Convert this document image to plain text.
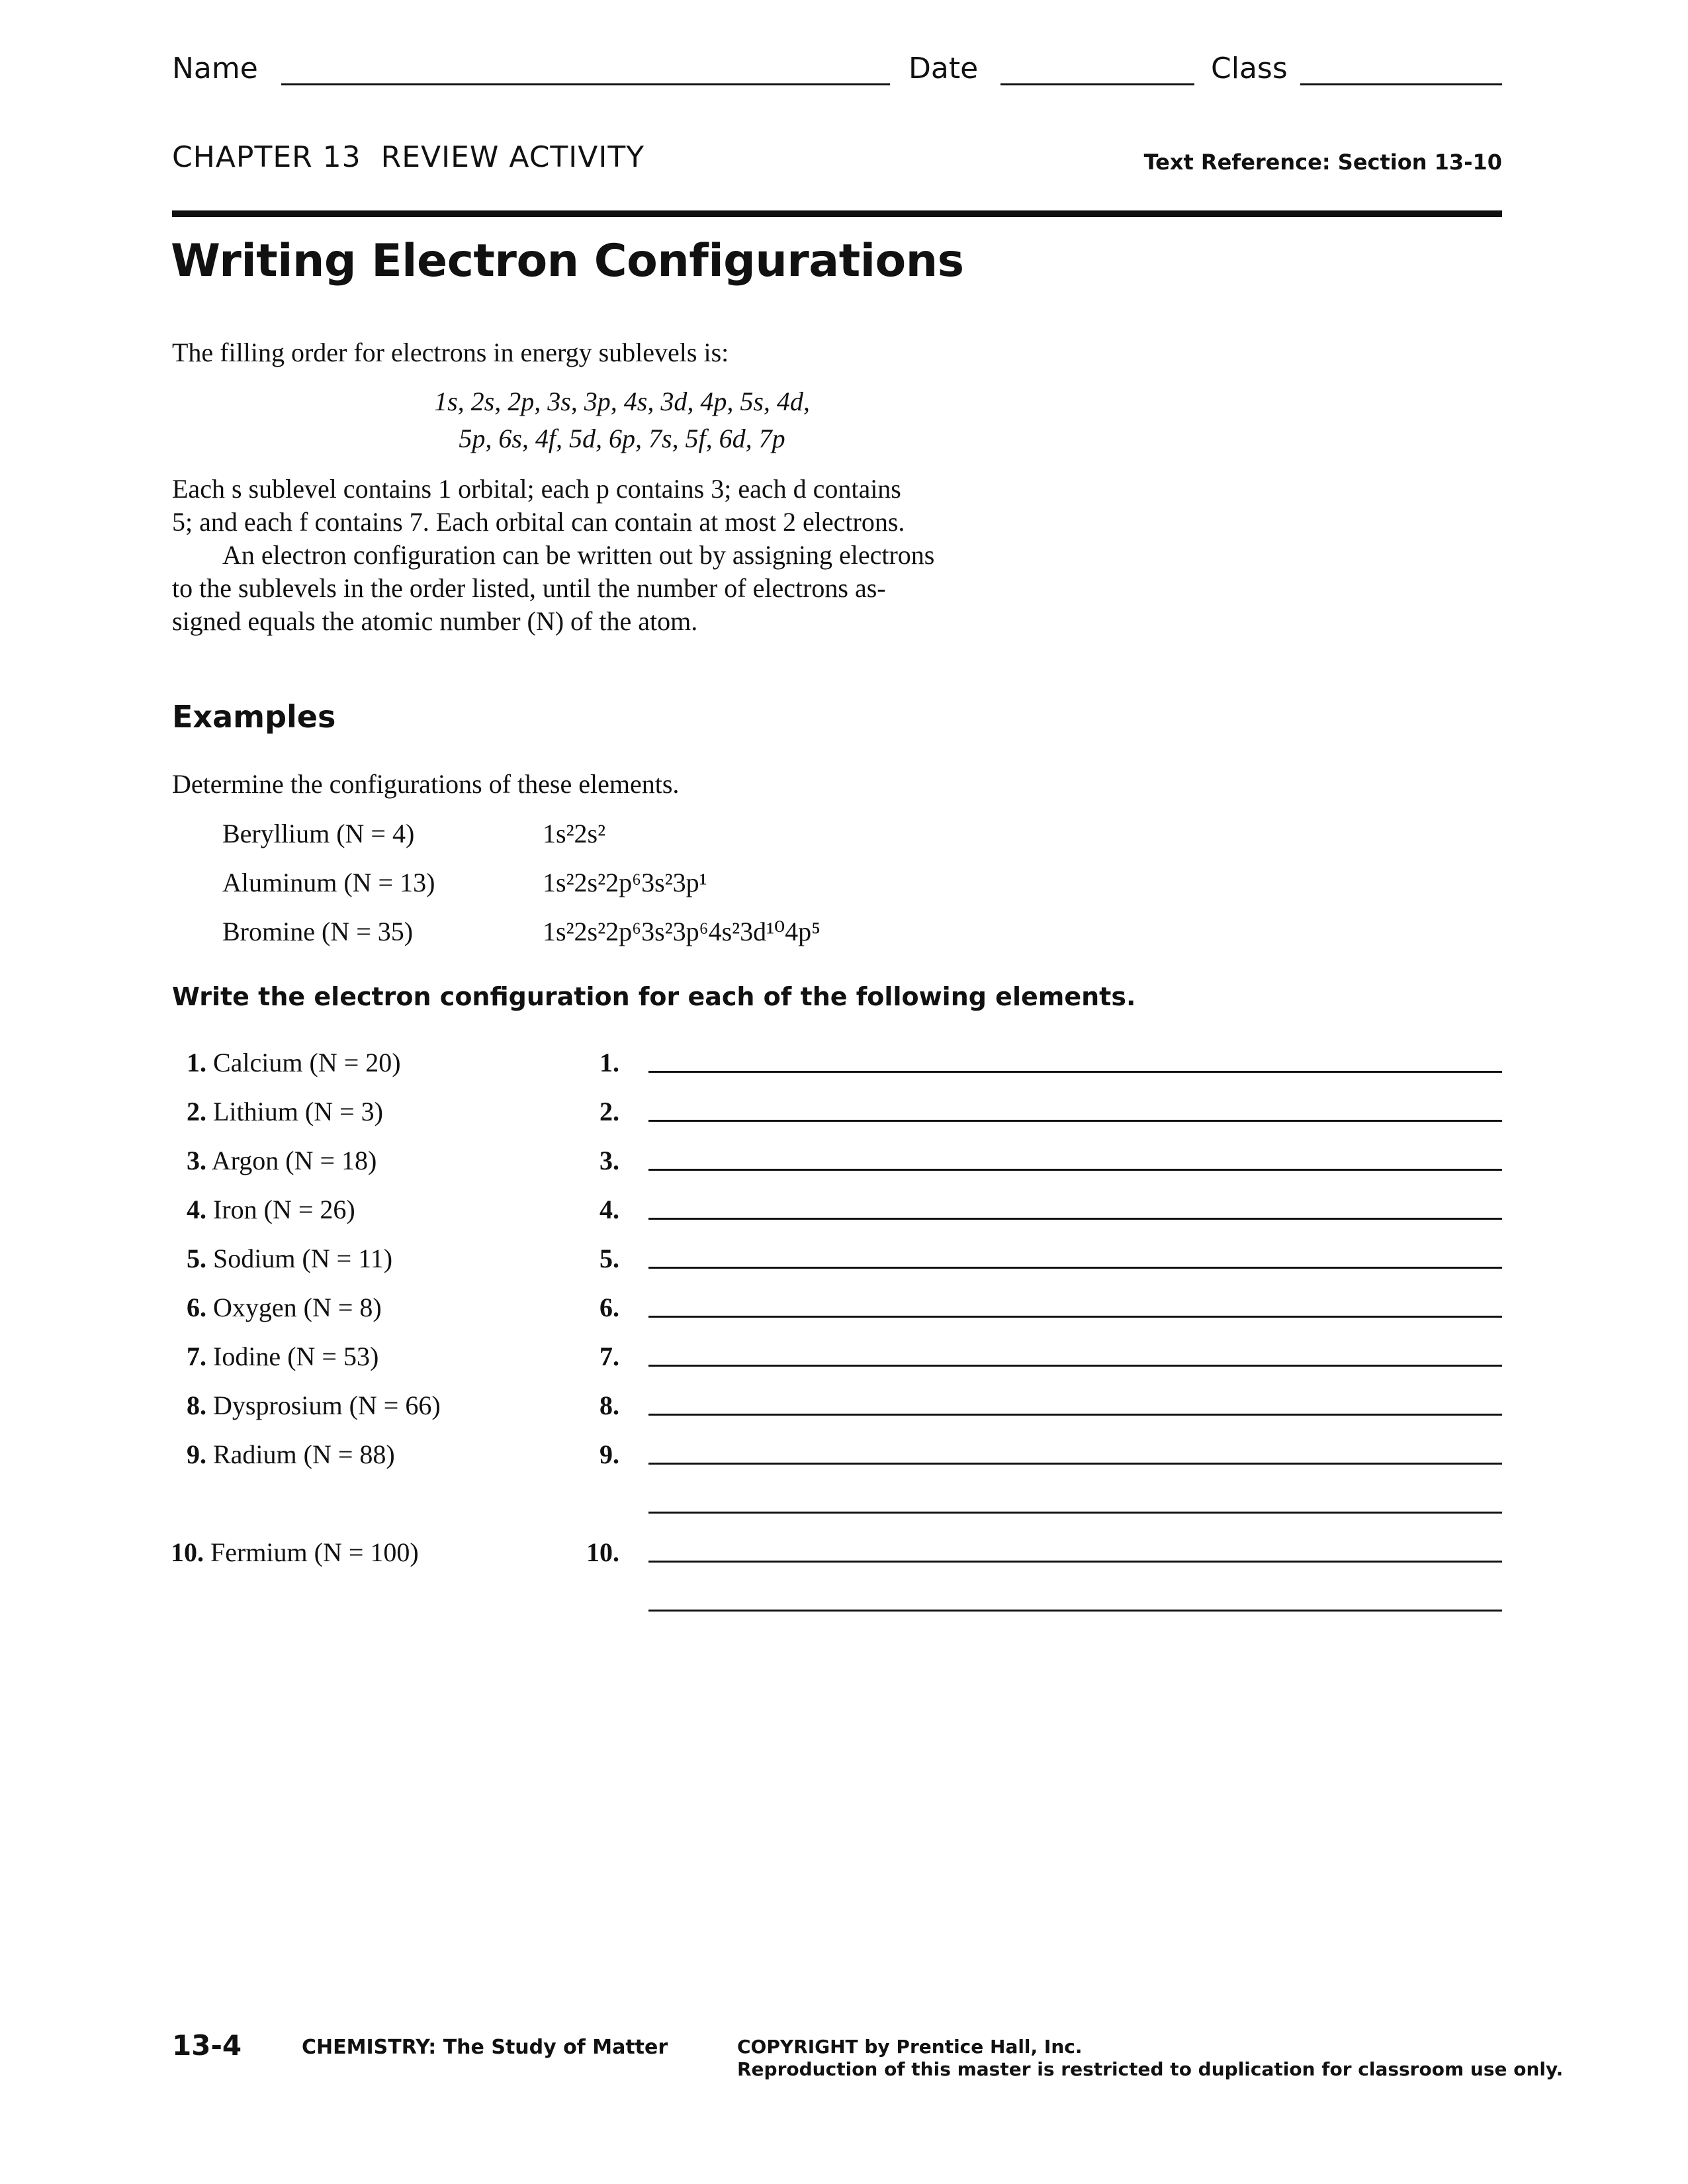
Name	Date	Class
CHAPTER 13  REVIEW ACTIVITY	Text Reference: Section 13-10
Writing Electron Configurations
The filling order for electrons in energy sublevels is:
1s, 2s, 2p, 3s, 3p, 4s, 3d, 4p, 5s, 4d,
5p, 6s, 4f, 5d, 6p, 7s, 5f, 6d, 7p
Each s sublevel contains 1 orbital; each p contains 3; each d contains
5; and each f contains 7. Each orbital can contain at most 2 electrons.
An electron configuration can be written out by assigning electrons
to the sublevels in the order listed, until the number of electrons as-
signed equals the atomic number (N) of the atom.
Examples
Determine the configurations of these elements.
Beryllium (N = 4)	1s²2s²
Aluminum (N = 13)	1s²2s²2p⁶3s²3p¹
Bromine (N = 35)	1s²2s²2p⁶3s²3p⁶4s²3d¹⁰4p⁵
Write the electron configuration for each of the following elements.
1. Calcium (N = 20)	1.
2. Lithium (N = 3)	2.
3. Argon (N = 18)	3.
4. Iron (N = 26)	4.
5. Sodium (N = 11)	5.
6. Oxygen (N = 8)	6.
7. Iodine (N = 53)	7.
8. Dysprosium (N = 66)	8.
9. Radium (N = 88)	9.
10. Fermium (N = 100)	10.
13-4	CHEMISTRY: The Study of Matter	COPYRIGHT by Prentice Hall, Inc.
Reproduction of this master is restricted to duplication for classroom use only.
